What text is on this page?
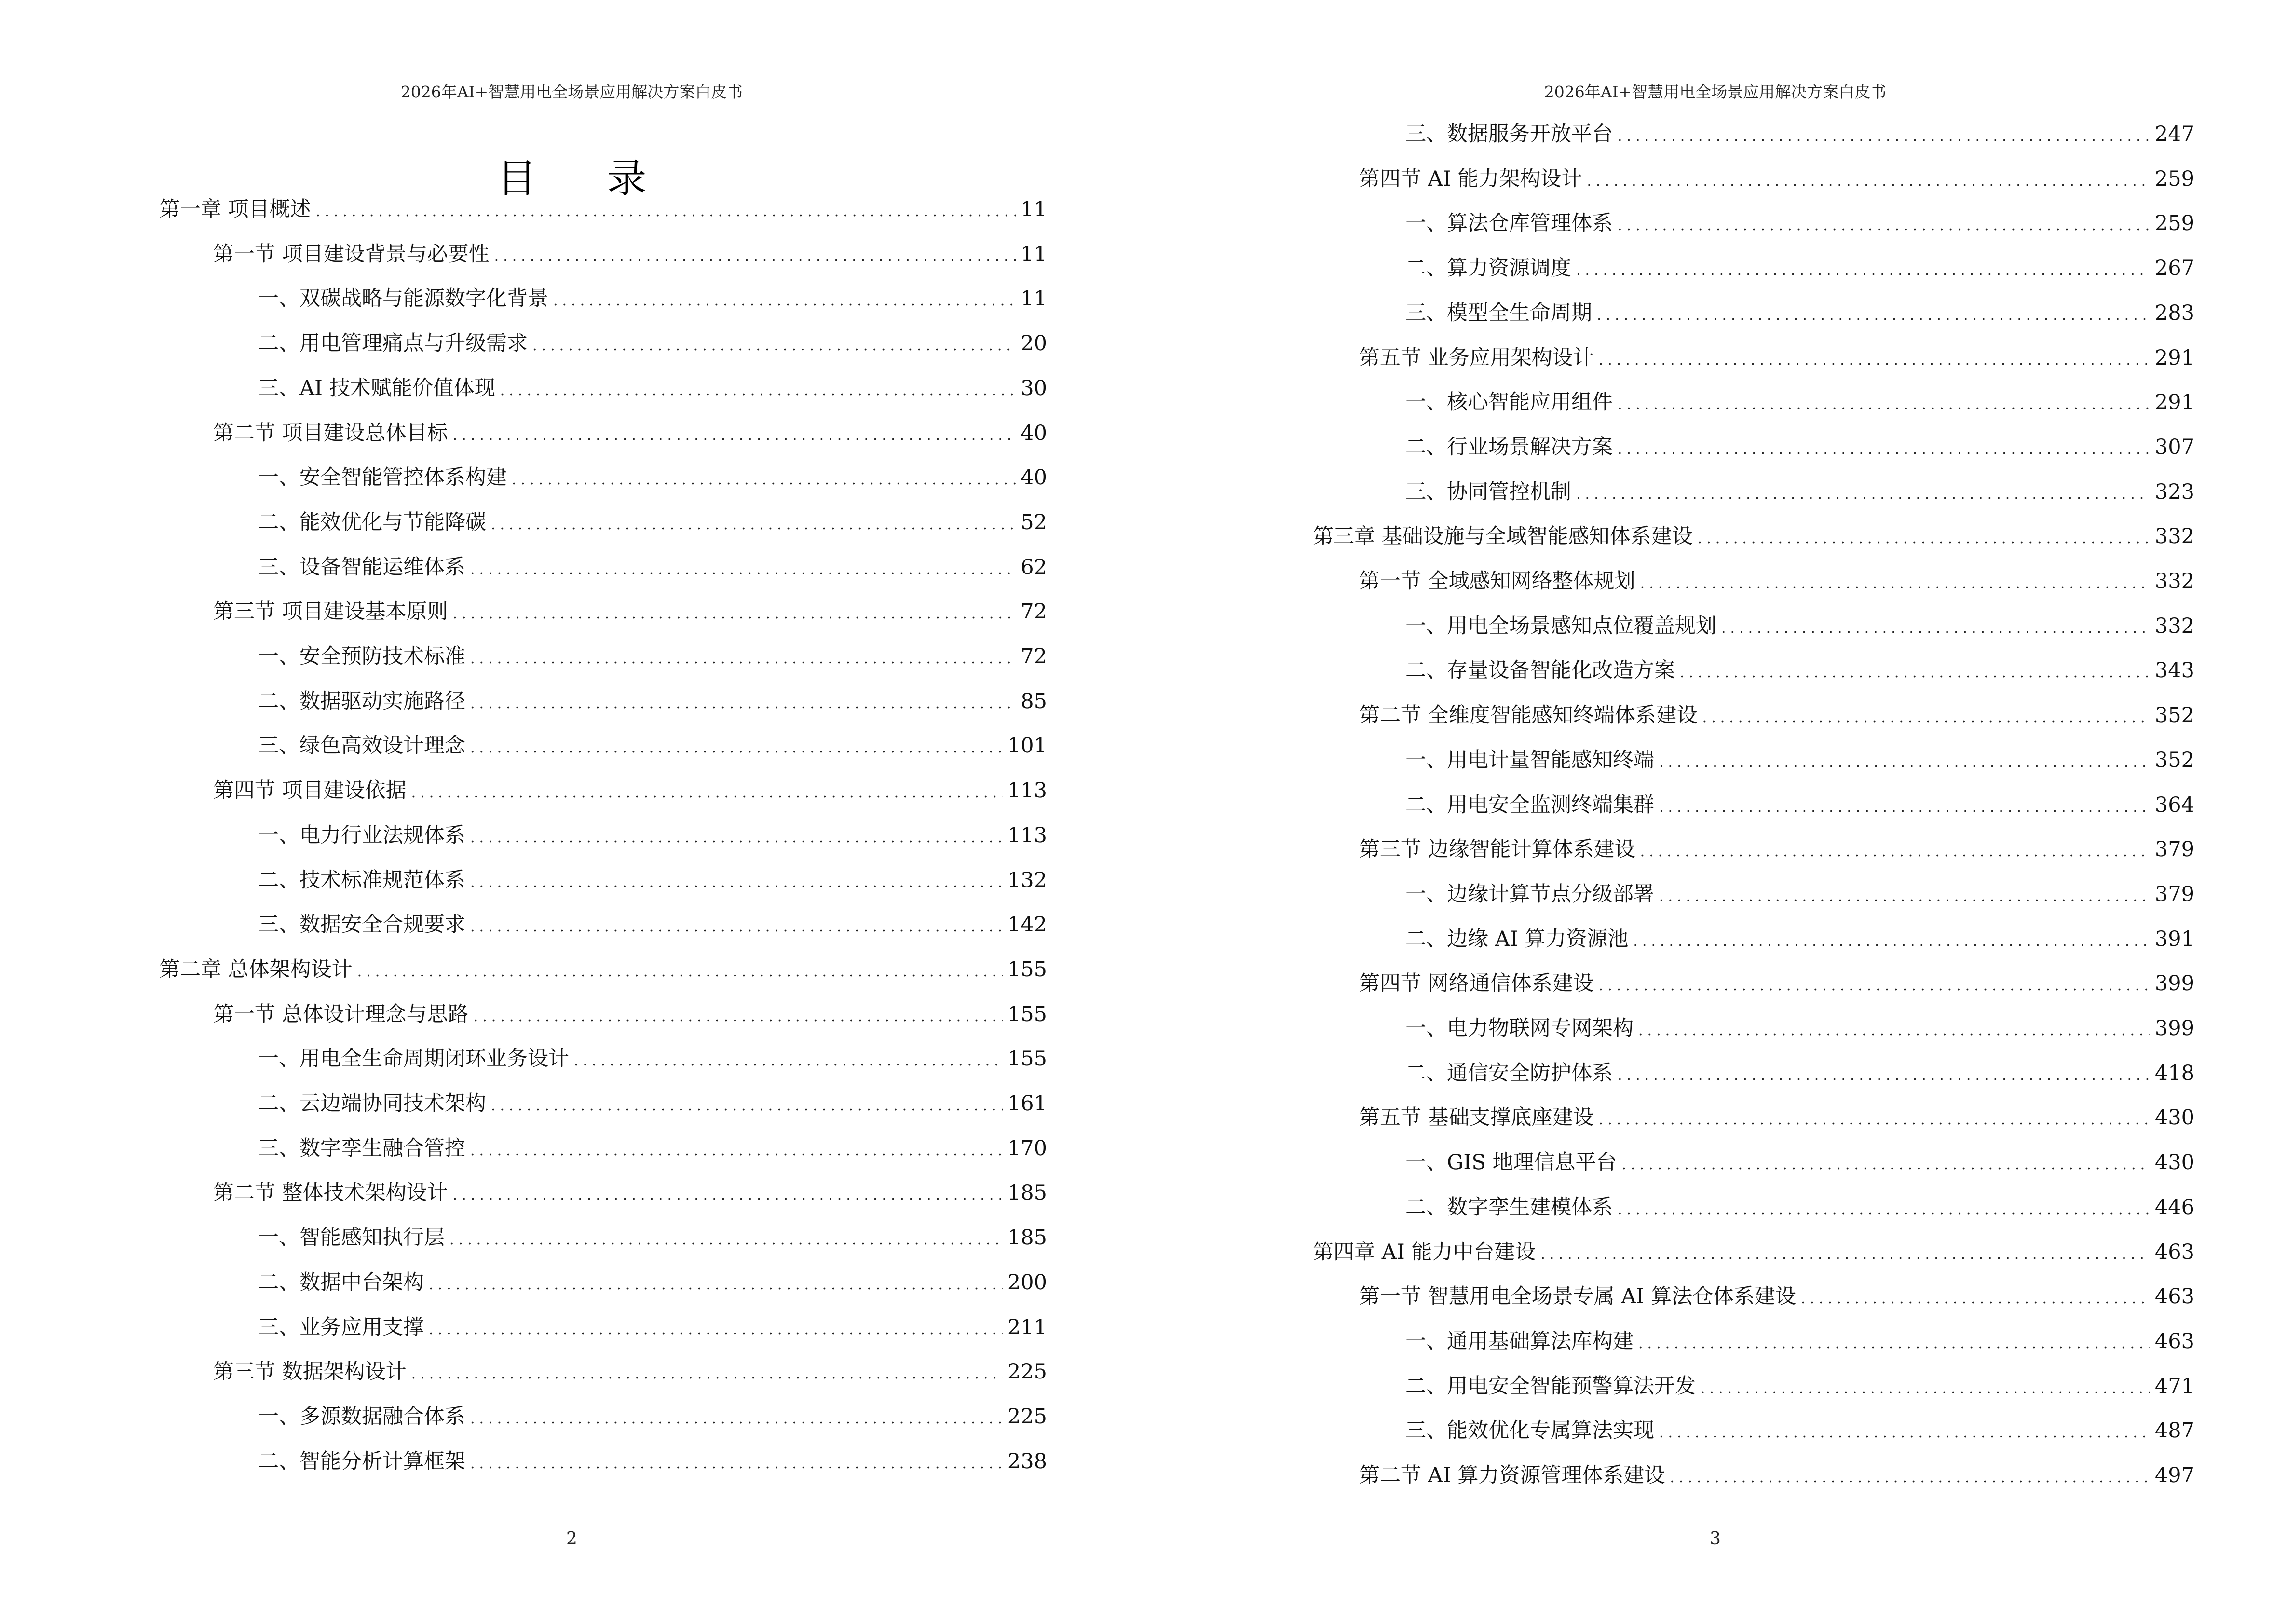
2026年AI+智慧用电全场景应用解决方案白皮书
目 录
第一章 项目概述 .....	11
第一节 项目建设背景与必要性 .....	11
一、双碳战略与能源数字化背景 .....	11
二、用电管理痛点与升级需求 .....	20
三、AI 技术赋能价值体现 .....	30
第二节 项目建设总体目标 .....	40
一、安全智能管控体系构建 .....	40
二、能效优化与节能降碳 .....	52
三、设备智能运维体系 .....	62
第三节 项目建设基本原则 .....	72
一、安全预防技术标准 .....	72
二、数据驱动实施路径 .....	85
三、绿色高效设计理念 .....	101
第四节 项目建设依据 .....	113
一、电力行业法规体系 .....	113
二、技术标准规范体系 .....	132
三、数据安全合规要求 .....	142
第二章 总体架构设计 .....	155
第一节 总体设计理念与思路 .....	155
一、用电全生命周期闭环业务设计 .....	155
二、云边端协同技术架构 .....	161
三、数字孪生融合管控 .....	170
第二节 整体技术架构设计 .....	185
一、智能感知执行层 .....	185
二、数据中台架构 .....	200
三、业务应用支撑 .....	211
第三节 数据架构设计 .....	225
一、多源数据融合体系 .....	225
二、智能分析计算框架 .....	238
2
2026年AI+智慧用电全场景应用解决方案白皮书
三、数据服务开放平台 .....	247
第四节 AI 能力架构设计 .....	259
一、算法仓库管理体系 .....	259
二、算力资源调度 .....	267
三、模型全生命周期 .....	283
第五节 业务应用架构设计 .....	291
一、核心智能应用组件 .....	291
二、行业场景解决方案 .....	307
三、协同管控机制 .....	323
第三章 基础设施与全域智能感知体系建设 .....	332
第一节 全域感知网络整体规划 .....	332
一、用电全场景感知点位覆盖规划 .....	332
二、存量设备智能化改造方案 .....	343
第二节 全维度智能感知终端体系建设 .....	352
一、用电计量智能感知终端 .....	352
二、用电安全监测终端集群 .....	364
第三节 边缘智能计算体系建设 .....	379
一、边缘计算节点分级部署 .....	379
二、边缘 AI 算力资源池 .....	391
第四节 网络通信体系建设 .....	399
一、电力物联网专网架构 .....	399
二、通信安全防护体系 .....	418
第五节 基础支撑底座建设 .....	430
一、GIS 地理信息平台 .....	430
二、数字孪生建模体系 .....	446
第四章 AI 能力中台建设 .....	463
第一节 智慧用电全场景专属 AI 算法仓体系建设 .....	463
一、通用基础算法库构建 .....	463
二、用电安全智能预警算法开发 .....	471
三、能效优化专属算法实现 .....	487
第二节 AI 算力资源管理体系建设 .....	497
3
